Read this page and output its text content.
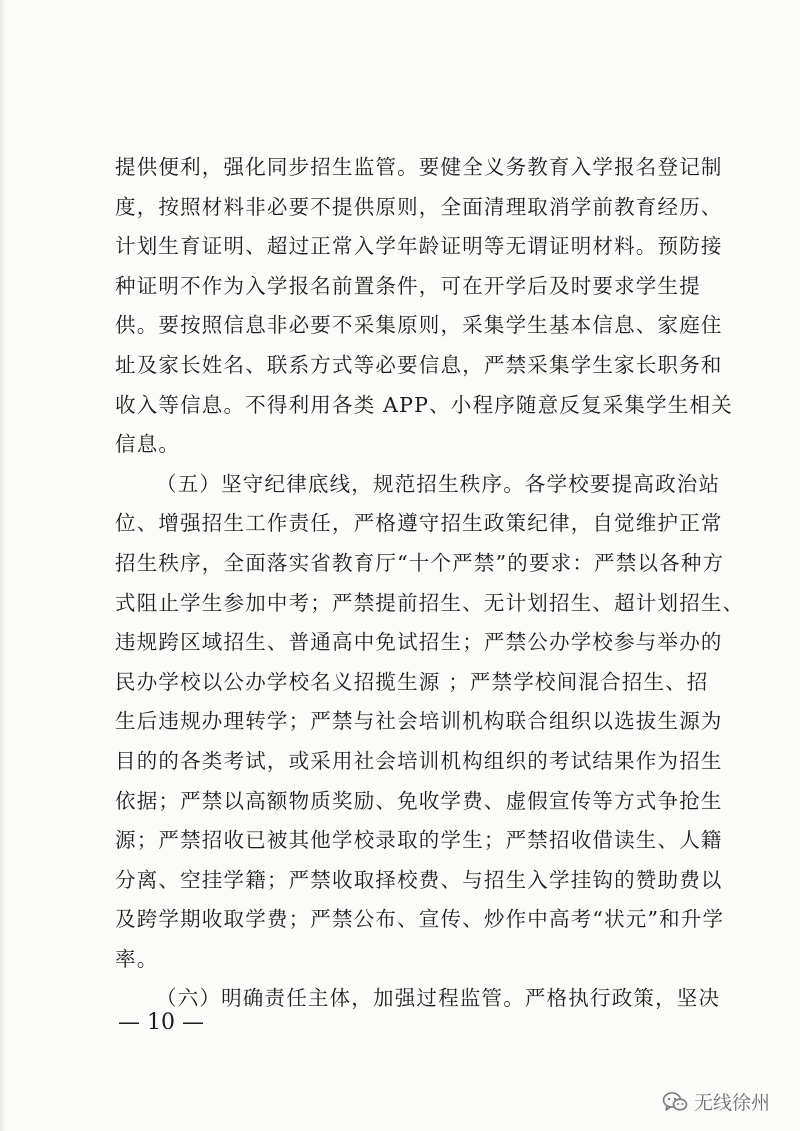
提供便利，强化同步招生监管。要健全义务教育入学报名登记制
度，按照材料非必要不提供原则，全面清理取消学前教育经历、
计划生育证明、超过正常入学年龄证明等无谓证明材料。预防接
种证明不作为入学报名前置条件，可在开学后及时要求学生提
供。要按照信息非必要不采集原则，采集学生基本信息、家庭住
址及家长姓名、联系方式等必要信息，严禁采集学生家长职务和
收入等信息。不得利用各类 APP、小程序随意反复采集学生相关
信息。
（五）坚守纪律底线，规范招生秩序。各学校要提高政治站
位、增强招生工作责任，严格遵守招生政策纪律，自觉维护正常
招生秩序，全面落实省教育厅“十个严禁”的要求：严禁以各种方
式阻止学生参加中考；严禁提前招生、无计划招生、超计划招生、
违规跨区域招生、普通高中免试招生；严禁公办学校参与举办的
民办学校以公办学校名义招揽生源 ；严禁学校间混合招生、招
生后违规办理转学；严禁与社会培训机构联合组织以选拔生源为
目的的各类考试，或采用社会培训机构组织的考试结果作为招生
依据；严禁以高额物质奖励、免收学费、虚假宣传等方式争抢生
源；严禁招收已被其他学校录取的学生；严禁招收借读生、人籍
分离、空挂学籍；严禁收取择校费、与招生入学挂钩的赞助费以
及跨学期收取学费；严禁公布、宣传、炒作中高考“状元”和升学
率。
（六）明确责任主体，加强过程监管。严格执行政策，坚决
— 10 —
无线徐州
